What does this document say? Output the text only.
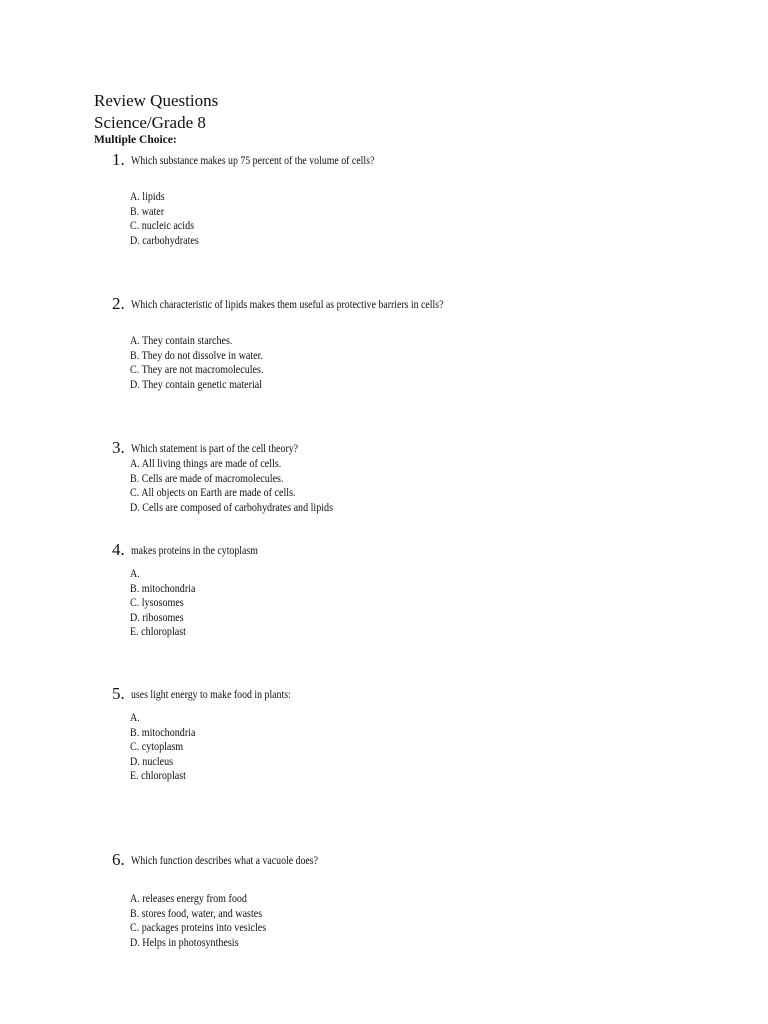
Review Questions
Science/Grade 8
Multiple Choice:
1. Which substance makes up 75 percent of the volume of cells?
A. lipids
B. water
C. nucleic acids
D. carbohydrates
2. Which characteristic of lipids makes them useful as protective barriers in cells?
A. They contain starches.
B. They do not dissolve in water.
C. They are not macromolecules.
D. They contain genetic material
3. Which statement is part of the cell theory?
A. All living things are made of cells.
B. Cells are made of macromolecules.
C. All objects on Earth are made of cells.
D. Cells are composed of carbohydrates and lipids
4. makes proteins in the cytoplasm
A.
B. mitochondria
C. lysosomes
D. ribosomes
E. chloroplast
5. uses light energy to make food in plants:
A.
B. mitochondria
C. cytoplasm
D. nucleus
E. chloroplast
6. Which function describes what a vacuole does?
A. releases energy from food
B. stores food, water, and wastes
C. packages proteins into vesicles
D. Helps in photosynthesis
